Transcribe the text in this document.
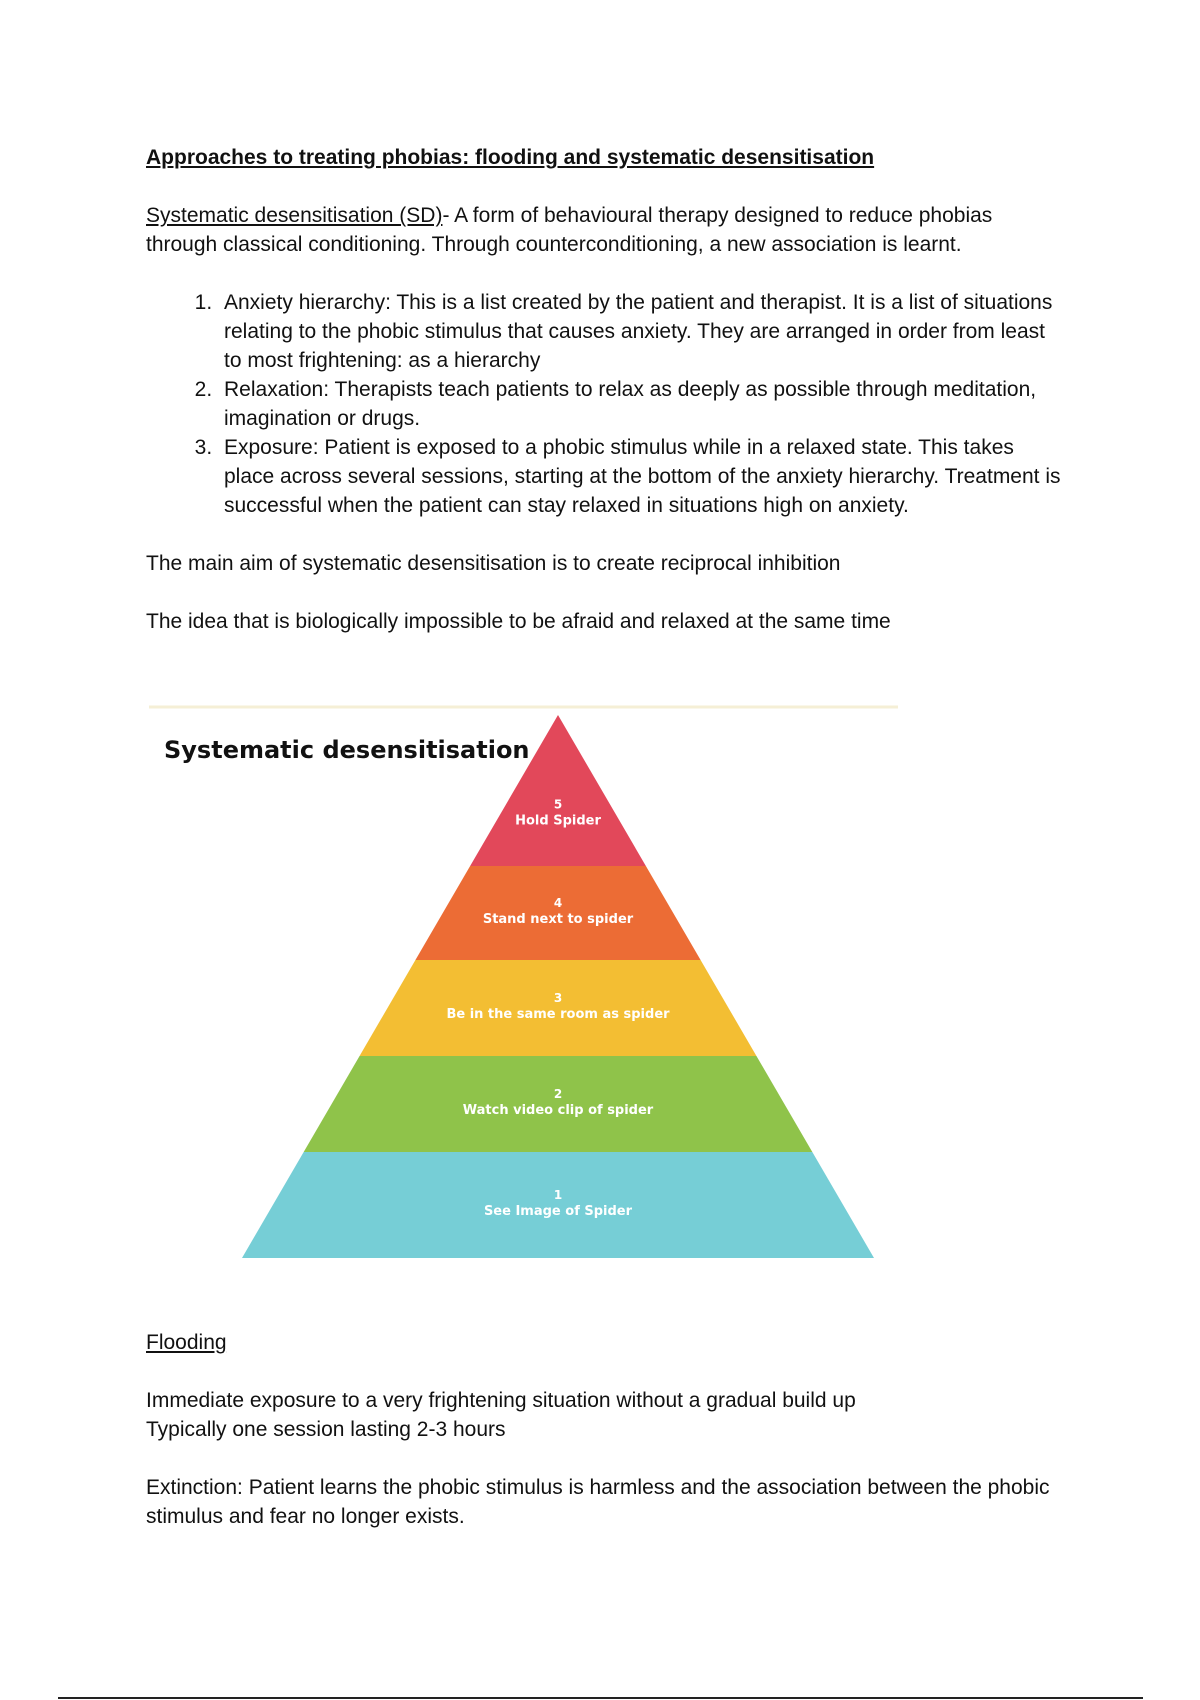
Approaches to treating phobias: flooding and systematic desensitisation

Systematic desensitisation (SD)- A form of behavioural therapy designed to reduce phobias through classical conditioning. Through counterconditioning, a new association is learnt.

1. Anxiety hierarchy: This is a list created by the patient and therapist. It is a list of situations relating to the phobic stimulus that causes anxiety. They are arranged in order from least to most frightening: as a hierarchy
2. Relaxation: Therapists teach patients to relax as deeply as possible through meditation, imagination or drugs.
3. Exposure: Patient is exposed to a phobic stimulus while in a relaxed state. This takes place across several sessions, starting at the bottom of the anxiety hierarchy. Treatment is successful when the patient can stay relaxed in situations high on anxiety.

The main aim of systematic desensitisation is to create reciprocal inhibition

The idea that is biologically impossible to be afraid and relaxed at the same time

Systematic desensitisation
5
Hold Spider
4
Stand next to spider
3
Be in the same room as spider
2
Watch video clip of spider
1
See Image of Spider

Flooding

Immediate exposure to a very frightening situation without a gradual build up

Typically one session lasting 2-3 hours

Extinction: Patient learns the phobic stimulus is harmless and the association between the phobic stimulus and fear no longer exists.
